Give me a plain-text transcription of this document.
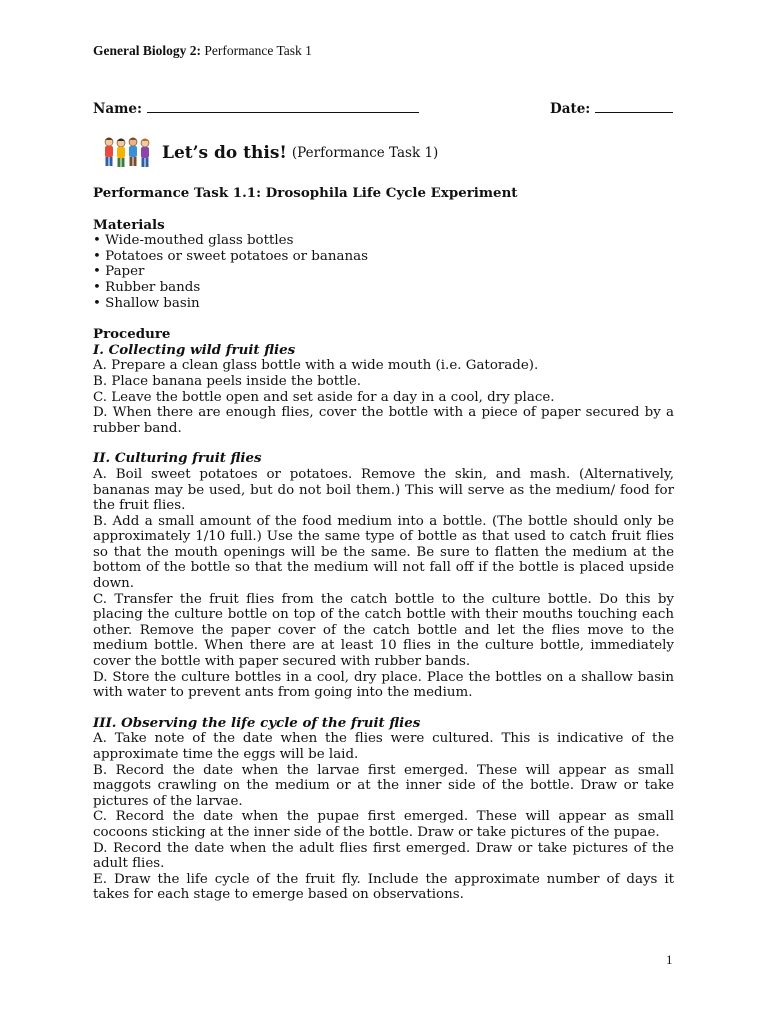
General Biology 2: Performance Task 1
Name:	Date:
Let’s do this! (Performance Task 1)

Performance Task 1.1: Drosophila Life Cycle Experiment

Materials

• Wide-mouthed glass bottles

• Potatoes or sweet potatoes or bananas

• Paper

• Rubber bands

• Shallow basin

Procedure

I. Collecting wild fruit flies

A. Prepare a clean glass bottle with a wide mouth (i.e. Gatorade).

B. Place banana peels inside the bottle.

C. Leave the bottle open and set aside for a day in a cool, dry place.

D. When there are enough flies, cover the bottle with a piece of paper secured by a rubber band.

II. Culturing fruit flies

A. Boil sweet potatoes or potatoes. Remove the skin, and mash. (Alternatively, bananas may be used, but do not boil them.) This will serve as the medium/ food for the fruit flies.

B. Add a small amount of the food medium into a bottle. (The bottle should only be approximately 1/10 full.) Use the same type of bottle as that used to catch fruit flies so that the mouth openings will be the same. Be sure to flatten the medium at the bottom of the bottle so that the medium will not fall off if the bottle is placed upside down.

C. Transfer the fruit flies from the catch bottle to the culture bottle. Do this by placing the culture bottle on top of the catch bottle with their mouths touching each other. Remove the paper cover of the catch bottle and let the flies move to the medium bottle. When there are at least 10 flies in the culture bottle, immediately cover the bottle with paper secured with rubber bands.

D. Store the culture bottles in a cool, dry place. Place the bottles on a shallow basin with water to prevent ants from going into the medium.

III. Observing the life cycle of the fruit flies

A. Take note of the date when the flies were cultured. This is indicative of the approximate time the eggs will be laid.

B. Record the date when the larvae first emerged. These will appear as small maggots crawling on the medium or at the inner side of the bottle. Draw or take pictures of the larvae.

C. Record the date when the pupae first emerged. These will appear as small cocoons sticking at the inner side of the bottle. Draw or take pictures of the pupae.

D. Record the date when the adult flies first emerged. Draw or take pictures of the adult flies.

E. Draw the life cycle of the fruit fly. Include the approximate number of days it takes for each stage to emerge based on observations.

1
